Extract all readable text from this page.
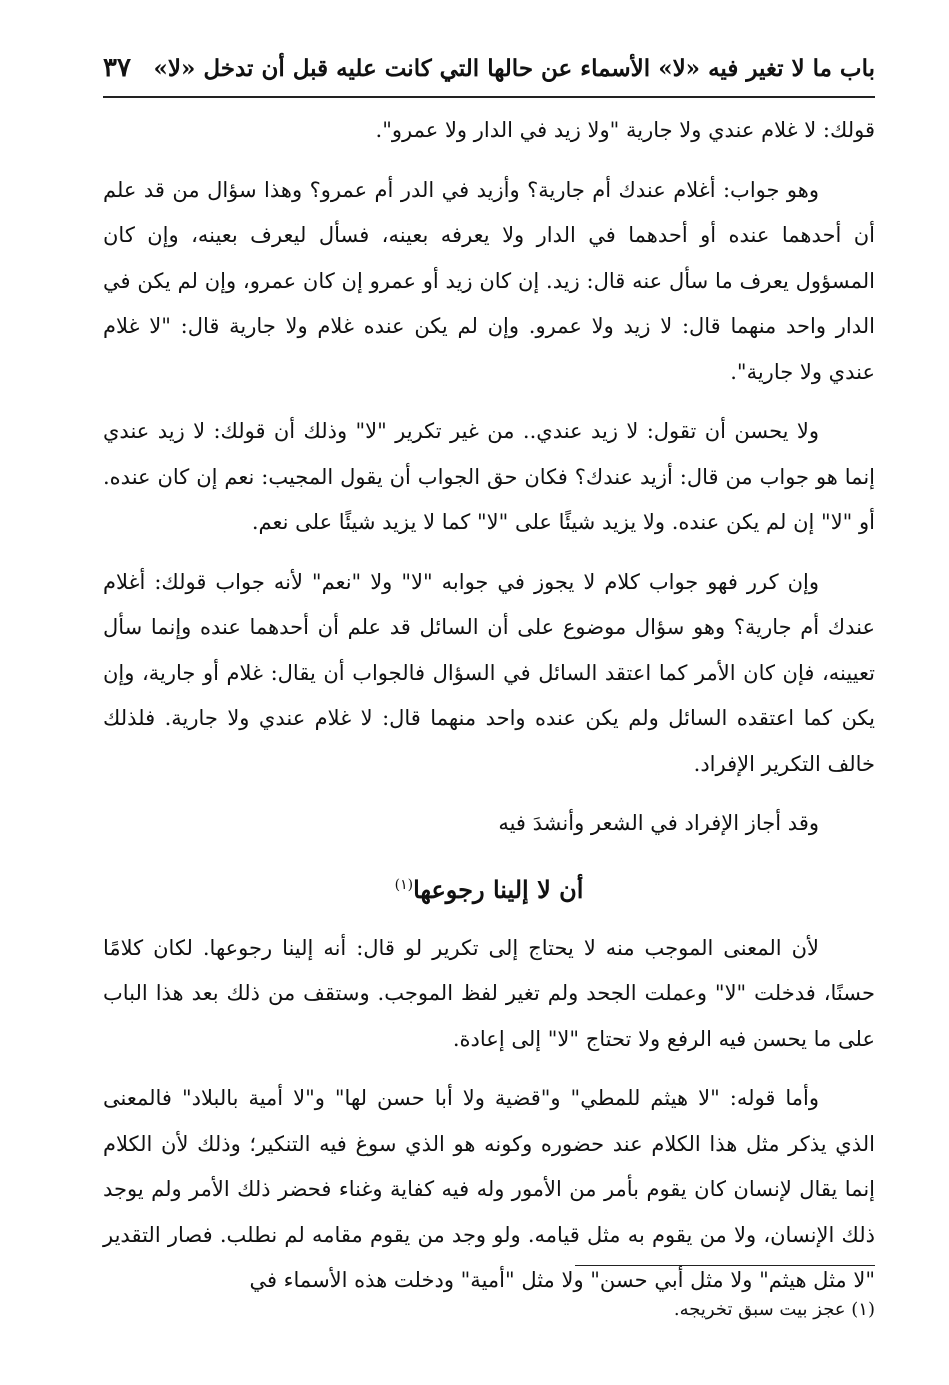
باب ما لا تغير فيه «لا» الأسماء عن حالها التي كانت عليه قبل أن تدخل «لا»
٣٧

قولك: لا غلام عندي ولا جارية "ولا زيد في الدار ولا عمرو".

وهو جواب: أغلام عندك أم جارية؟ وأزيد في الدر أم عمرو؟ وهذا سؤال من قد علم أن أحدهما عنده أو أحدهما في الدار ولا يعرفه بعينه، فسأل ليعرف بعينه، وإن كان المسؤول يعرف ما سأل عنه قال: زيد. إن كان زيد أو عمرو إن كان عمرو، وإن لم يكن في الدار واحد منهما قال: لا زيد ولا عمرو. وإن لم يكن عنده غلام ولا جارية قال: "لا غلام عندي ولا جارية".

ولا يحسن أن تقول: لا زيد عندي.. من غير تكرير "لا" وذلك أن قولك: لا زيد عندي إنما هو جواب من قال: أزيد عندك؟ فكان حق الجواب أن يقول المجيب: نعم إن كان عنده. أو "لا" إن لم يكن عنده. ولا يزيد شيئًا على "لا" كما لا يزيد شيئًا على نعم.

وإن كرر فهو جواب كلام لا يجوز في جوابه "لا" ولا "نعم" لأنه جواب قولك: أغلام عندك أم جارية؟ وهو سؤال موضوع على أن السائل قد علم أن أحدهما عنده وإنما سأل تعيينه، فإن كان الأمر كما اعتقد السائل في السؤال فالجواب أن يقال: غلام أو جارية، وإن يكن كما اعتقده السائل ولم يكن عنده واحد منهما قال: لا غلام عندي ولا جارية. فلذلك خالف التكرير الإفراد.

وقد أجاز الإفراد في الشعر وأنشدَ فيه

أن لا إلينا رجوعها$^{(١)}$

لأن المعنى الموجب منه لا يحتاج إلى تكرير لو قال: أنه إلينا رجوعها. لكان كلامًا حسنًا، فدخلت "لا" وعملت الجحد ولم تغير لفظ الموجب. وستقف من ذلك بعد هذا الباب على ما يحسن فيه الرفع ولا تحتاج "لا" إلى إعادة.

وأما قوله: "لا هيثم للمطي" و"قضية ولا أبا حسن لها" و"لا أمية بالبلاد" فالمعنى الذي يذكر مثل هذا الكلام عند حضوره وكونه هو الذي سوغ فيه التنكير؛ وذلك لأن الكلام إنما يقال لإنسان كان يقوم بأمر من الأمور وله فيه كفاية وغناء فحضر ذلك الأمر ولم يوجد ذلك الإنسان، ولا من يقوم به مثل قيامه. ولو وجد من يقوم مقامه لم نطلب. فصار التقدير "لا مثل هيثم" ولا مثل أبي حسن" ولا مثل "أمية" ودخلت هذه الأسماء في

(١) عجز بيت سبق تخريجه.
